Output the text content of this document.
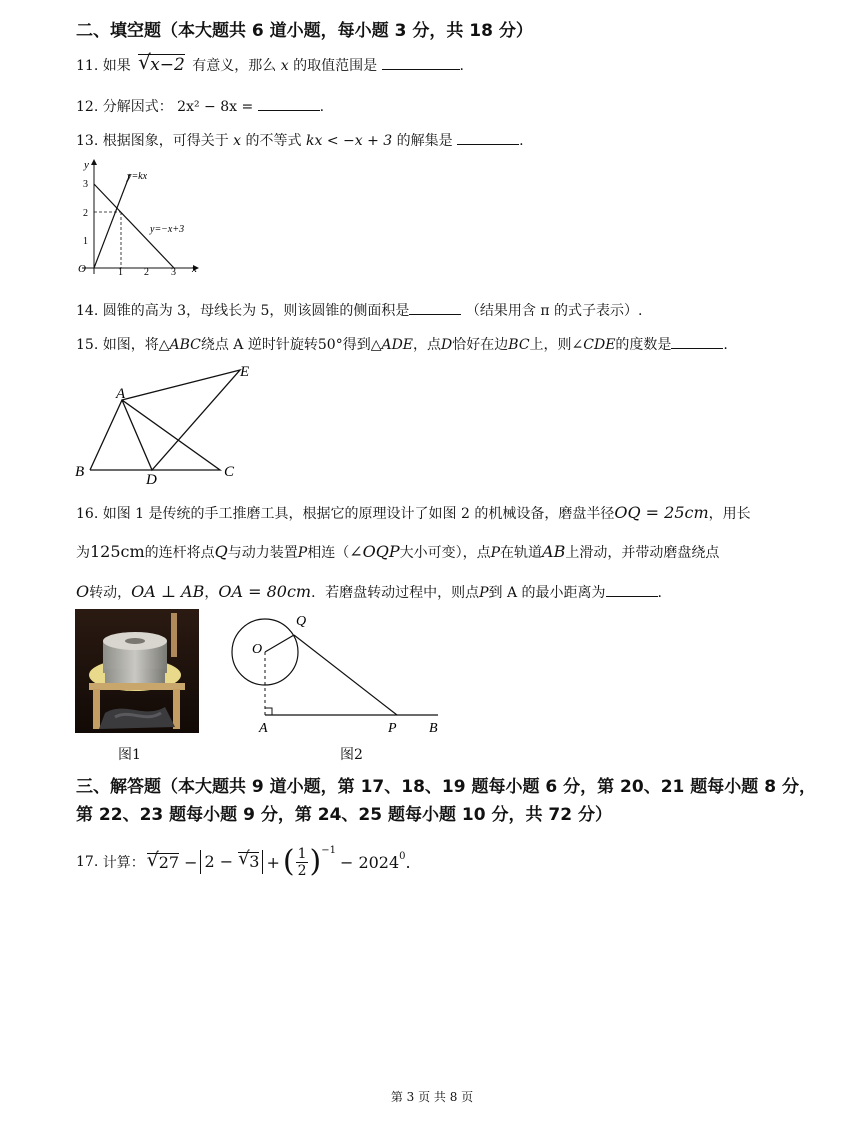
二、填空题（本大题共 6 道小题，每小题 3 分，共 18 分）
11. 如果 √ x−2 有意义，那么 x 的取值范围是	.
12. 分解因式： 2x² − 8x =	.
13. 根据图象，可得关于 x 的不等式 kx < −x + 3 的解集是	.
y
x
O	1 2 3
1
2
3
y=kx
y=−x+3
14. 圆锥的高为 3，母线长为 5，则该圆锥的侧面积是	（结果用含 π 的式子表示）.
15. 如图，将△ABC绕点 A 逆时针旋转50°得到△ADE，点D恰好在边BC上，则∠CDE的度数是	.
A
B	C
D
E
16. 如图 1 是传统的手工推磨工具，根据它的原理设计了如图 2 的机械设备，磨盘半径OQ = 25cm，用长
为125cm的连杆将点Q与动力装置P相连（∠OQP大小可变），点P在轨道AB上滑动，并带动磨盘绕点
O转动，OA ⊥ AB，OA = 80cm．若磨盘转动过程中，则点P到 A 的最小距离为	.
O
Q
A	P B
图1	图2
三、解答题（本大题共 9 道小题，第 17、18、19 题每小题 6 分，第 20、21 题每小题 8 分，
第 22、23 题每小题 9 分，第 24、25 题每小题 10 分，共 72 分）
17.
计算： √ 27 − 2 − √ 3 + ( $\frac{1}{2} )^{-1}$
− $2024^0$ .
第 3 页 共 8 页
